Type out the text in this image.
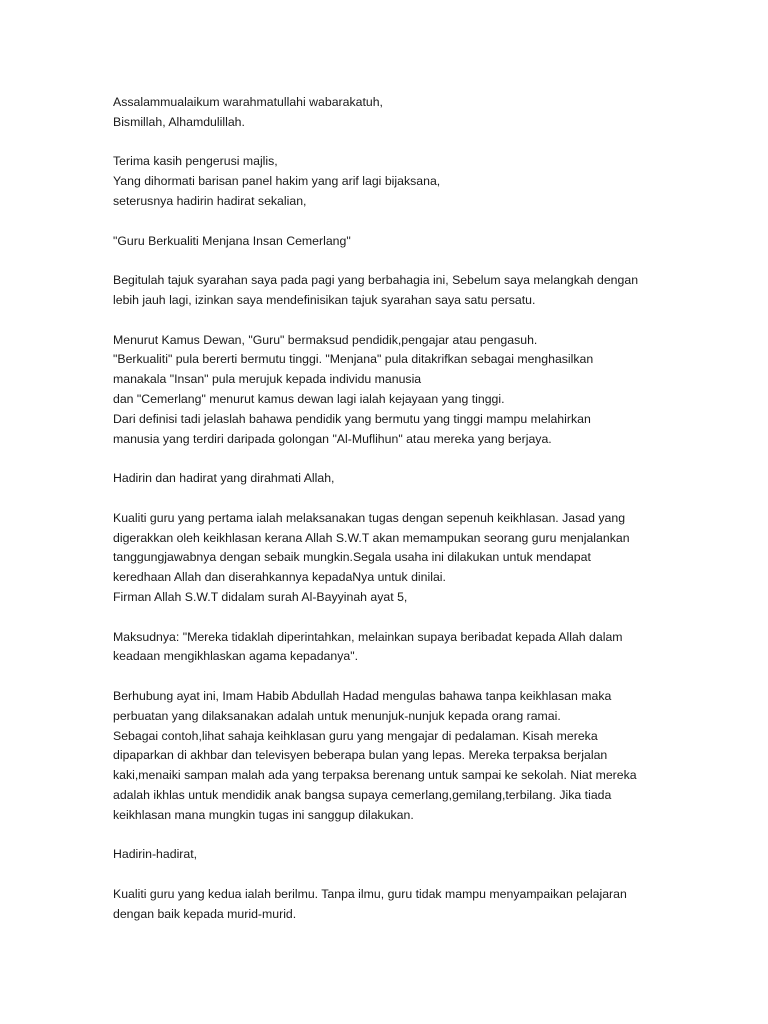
Assalammualaikum warahmatullahi wabarakatuh,
Bismillah, Alhamdulillah.
Terima kasih pengerusi majlis,
Yang dihormati barisan panel hakim yang arif lagi bijaksana,
seterusnya hadirin hadirat sekalian,
"Guru Berkualiti Menjana Insan Cemerlang"
Begitulah tajuk syarahan saya pada pagi yang berbahagia ini, Sebelum saya melangkah dengan
lebih jauh lagi, izinkan saya mendefinisikan tajuk syarahan saya satu persatu.
Menurut Kamus Dewan, "Guru" bermaksud pendidik,pengajar atau pengasuh.
"Berkualiti" pula bererti bermutu tinggi. "Menjana" pula ditakrifkan sebagai menghasilkan
manakala "Insan" pula merujuk kepada individu manusia
dan "Cemerlang" menurut kamus dewan lagi ialah kejayaan yang tinggi.
Dari definisi tadi jelaslah bahawa pendidik yang bermutu yang tinggi mampu melahirkan
manusia yang terdiri daripada golongan "Al-Muflihun" atau mereka yang berjaya.
Hadirin dan hadirat yang dirahmati Allah,
Kualiti guru yang pertama ialah melaksanakan tugas dengan sepenuh keikhlasan. Jasad yang
digerakkan oleh keikhlasan kerana Allah S.W.T akan memampukan seorang guru menjalankan
tanggungjawabnya dengan sebaik mungkin.Segala usaha ini dilakukan untuk mendapat
keredhaan Allah dan diserahkannya kepadaNya untuk dinilai.
Firman Allah S.W.T didalam surah Al-Bayyinah ayat 5,
Maksudnya: "Mereka tidaklah diperintahkan, melainkan supaya beribadat kepada Allah dalam
keadaan mengikhlaskan agama kepadanya".
Berhubung ayat ini, Imam Habib Abdullah Hadad mengulas bahawa tanpa keikhlasan maka
perbuatan yang dilaksanakan adalah untuk menunjuk-nunjuk kepada orang ramai.
Sebagai contoh,lihat sahaja keihklasan guru yang mengajar di pedalaman. Kisah mereka
dipaparkan di akhbar dan televisyen beberapa bulan yang lepas. Mereka terpaksa berjalan
kaki,menaiki sampan malah ada yang terpaksa berenang untuk sampai ke sekolah. Niat mereka
adalah ikhlas untuk mendidik anak bangsa supaya cemerlang,gemilang,terbilang. Jika tiada
keikhlasan mana mungkin tugas ini sanggup dilakukan.
Hadirin-hadirat,
Kualiti guru yang kedua ialah berilmu. Tanpa ilmu, guru tidak mampu menyampaikan pelajaran
dengan baik kepada murid-murid.
